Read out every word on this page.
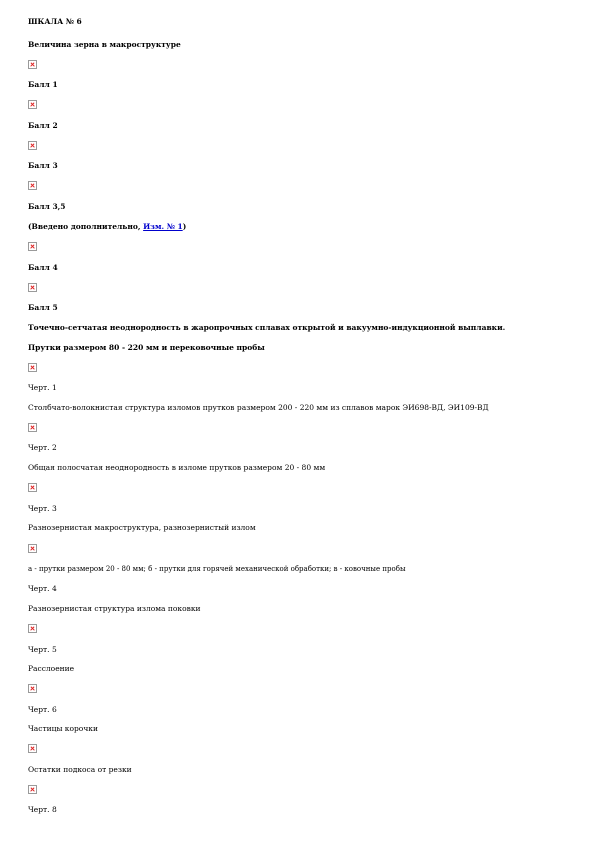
ШКАЛА № 6
Величина зерна в макроструктуре
Балл 1
Балл 2
Балл 3
Балл 3,5
(Введено дополнительно, Изм. № 1)
Балл 4
Балл 5
Точечно-сетчатая неоднородность в жаропрочных сплавах открытой и вакуумно-индукционной выплавки.
Прутки размером 80 - 220 мм и перековочные пробы
Черт. 1
Столбчато-волокнистая структура изломов прутков размером 200 - 220 мм из сплавов марок ЭИ698-ВД, ЭИ109-ВД
Черт. 2
Общая полосчатая неоднородность в изломе прутков размером 20 - 80 мм
Черт. 3
Разнозернистая макроструктура, разнозернистый излом
а - прутки размером 20 - 80 мм; б - прутки для горячей механической обработки; в - ковочные пробы
Черт. 4
Разнозернистая структура излома поковки
Черт. 5
Расслоение
Черт. 6
Частицы корочки
Остатки подкоса от резки
Черт. 8
